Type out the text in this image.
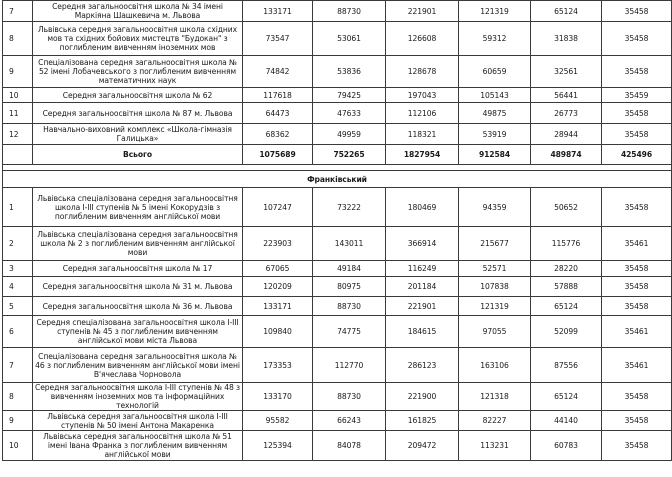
7	Середня загальноосвітня школа № 34 імені Маркіяна Шашкевича м. Львова	133171	88730	221901	121319	65124	35458
8	Львівська середня загальноосвітня школа східних мов та східних бойових мистецтв "Будокан" з поглибленим вивченням іноземних мов	73547	53061	126608	59312	31838	35458
9	Спеціалізована середня загальноосвітня школа № 52 імені Лобачевського з поглибленим вивченням математичних наук	74842	53836	128678	60659	32561	35458
10	Середня загальноосвітня школа № 62	117618	79425	197043	105143	56441	35459
11	Середня загальноосвітня школа № 87 м. Львова	64473	47633	112106	49875	26773	35458
12	Навчально-виховний комплекс «Школа-гімназія Галицька»	68362	49959	118321	53919	28944	35458
	Всього	1075689	752265	1827954	912584	489874	425496

Франківський							
1	Львівська спеціалізована середня загальноосвітня школа І-ІІІ ступенів № 5 імені Кокорудзів з поглибленим вивченням англійської мови	107247	73222	180469	94359	50652	35458
2	Львівська спеціалізована середня загальноосвітня школа № 2 з поглибленим вивченням англійської мови	223903	143011	366914	215677	115776	35461
3	Середня загальноосвітня школа № 17	67065	49184	116249	52571	28220	35458
4	Середня загальноосвітня школа № 31 м. Львова	120209	80975	201184	107838	57888	35458
5	Середня загальноосвітня школа № 36 м. Львова	133171	88730	221901	121319	65124	35458
6	Середня спеціалізована загальноосвітня школа І-ІІІ ступенів № 45 з поглибленим вивченням англійської мови міста Львова	109840	74775	184615	97055	52099	35461
7	Спеціалізована середня загальноосвітня школа № 46 з поглибленим вивченням англійської мови імені В'ячеслава Чорновола	173353	112770	286123	163106	87556	35461
8	Середня загальноосвітня школа І-ІІІ ступенів № 48 з вивченням іноземних мов та інформаційних технологій	133170	88730	221900	121318	65124	35458
9	Львівська середня загальноосвітня школа І-ІІІ ступенів № 50 імені Антона Макаренка	95582	66243	161825	82227	44140	35458
10	Львівська середня загальноосвітня школа № 51 імені Івана Франка з поглибленим вивченням англійської мови	125394	84078	209472	113231	60783	35458
